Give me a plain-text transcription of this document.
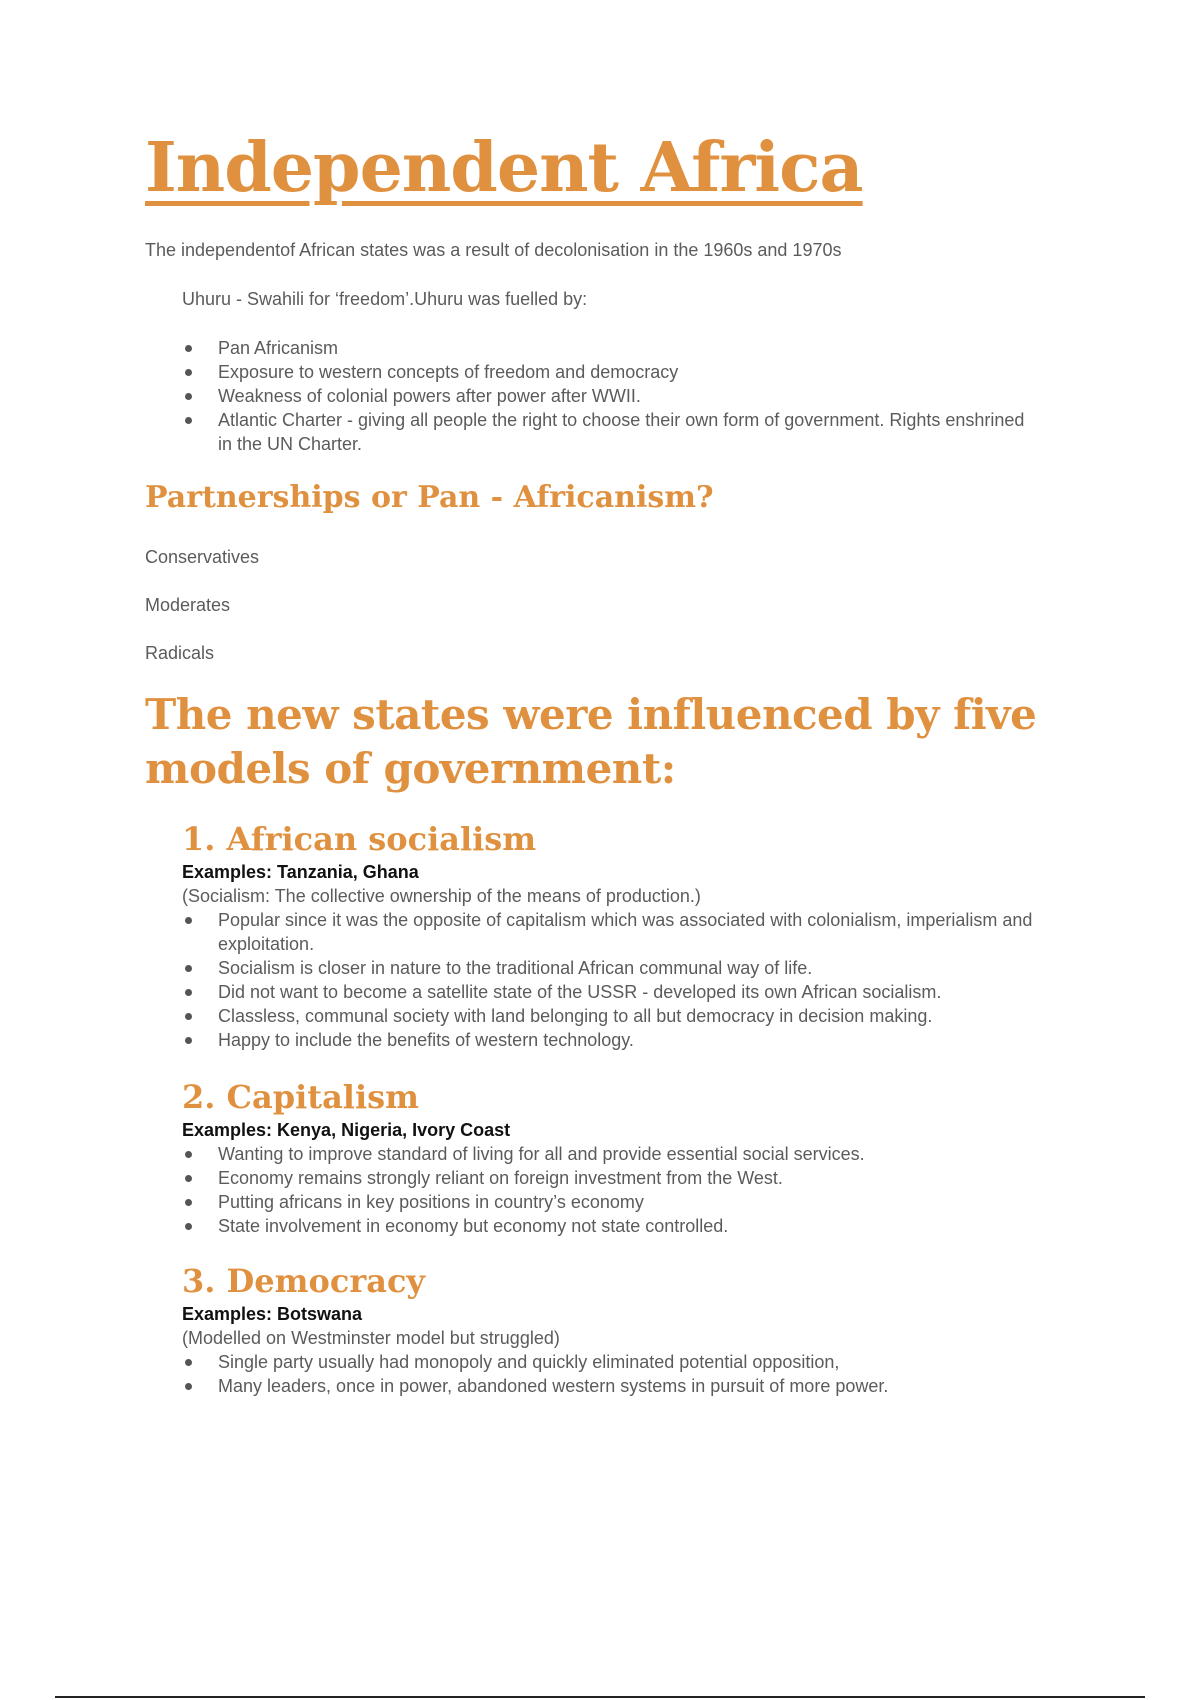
Independent Africa
The independentof African states was a result of decolonisation in the 1960s and 1970s
Uhuru - Swahili for ‘freedom’.Uhuru was fuelled by:
Pan Africanism
Exposure to western concepts of freedom and democracy
Weakness of colonial powers after power after WWII.
Atlantic Charter - giving all people the right to choose their own form of government. Rights enshrined in the UN Charter.
Partnerships or Pan - Africanism?
Conservatives
Moderates
Radicals
The new states were influenced by five models of government:
1. African socialism
Examples: Tanzania, Ghana
(Socialism: The collective ownership of the means of production.)
Popular since it was the opposite of capitalism which was associated with colonialism, imperialism and exploitation.
Socialism is closer in nature to the traditional African communal way of life.
Did not want to become a satellite state of the USSR - developed its own African socialism.
Classless, communal society with land belonging to all but democracy in decision making.
Happy to include the benefits of western technology.
2. Capitalism
Examples: Kenya, Nigeria, Ivory Coast
Wanting to improve standard of living for all and provide essential social services.
Economy remains strongly reliant on foreign investment from the West.
Putting africans in key positions in country’s economy
State involvement in economy but economy not state controlled.
3. Democracy
Examples: Botswana
(Modelled on Westminster model but struggled)
Single party usually had monopoly and quickly eliminated potential opposition,
Many leaders, once in power, abandoned western systems in pursuit of more power.
